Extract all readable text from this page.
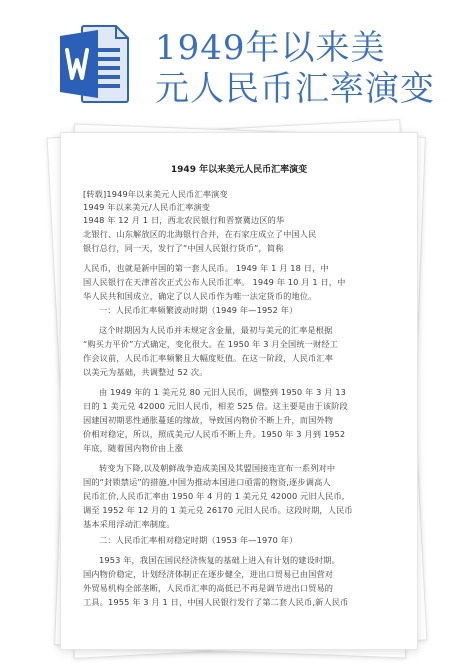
1949年以来美
元人民币汇率演变
1949 年以来美元人民币汇率演变
[转载]1949年以来美元人民币汇率演变
1949 年以来美元/人民币汇率演变
1948 年 12 月 1 日，西北农民银行和晋察冀边区的华
北银行、山东解放区的北海银行合并，在石家庄成立了中国人民
银行总行，同一天，发行了“中国人民银行货币”，简称
人民币，也就是新中国的第一套人民币。 1949 年 1 月 18 日，中
国人民银行在天津首次正式公布人民币汇率。 1949 年 10 月 1 日，中
华人民共和国成立，确定了以人民币作为唯一法定货币的地位。
一：人民币汇率频繁波动时期（1949 年—1952 年）
这个时期因为人民币并未规定含金量，最初与美元的汇率是根据
“购买力平价”方式确定，变化很大。在 1950 年 3 月全国统一财经工
作会议前，人民币汇率频繁且大幅度贬值。在这一阶段，人民币汇率
以美元为基础，共调整过 52 次。
由 1949 年的 1 美元兑 80 元旧人民币，调整到 1950 年 3 月 13
日的 1 美元兑 42000 元旧人民币，相差 525 倍。这主要是由于该阶段
因建国初期恶性通胀蔓延的缘故，导致国内物价不断上升，而国外物
价相对稳定，所以，照成美元/人民币不断上升。1950 年 3 月到 1952
年底，随着国内物价由上涨
转变为下降,以及朝鲜战争造成美国及其盟国接连宣布一系列对中
国的“封锁禁运”的措施,中国为推动本国进口亟需的物资,逐步调高人
民币汇价,人民币汇率由 1950 年 4 月的 1 美元兑 42000 元旧人民币,
调至 1952 年 12 月的 1 美元兑 26170 元旧人民币。这段时期，人民币
基本采用浮动汇率制度。
二：人民币汇率相对稳定时期（1953 年—1970 年）
1953 年，我国在国民经济恢复的基础上进入有计划的建设时期。
国内物价稳定，计划经济体制正在逐步健全，进出口贸易已由国营对
外贸易机构全部垄断，人民币汇率的高低已不再是调节进出口贸易的
工具。1955 年 3 月 1 日，中国人民银行发行了第二套人民币,新人民币
